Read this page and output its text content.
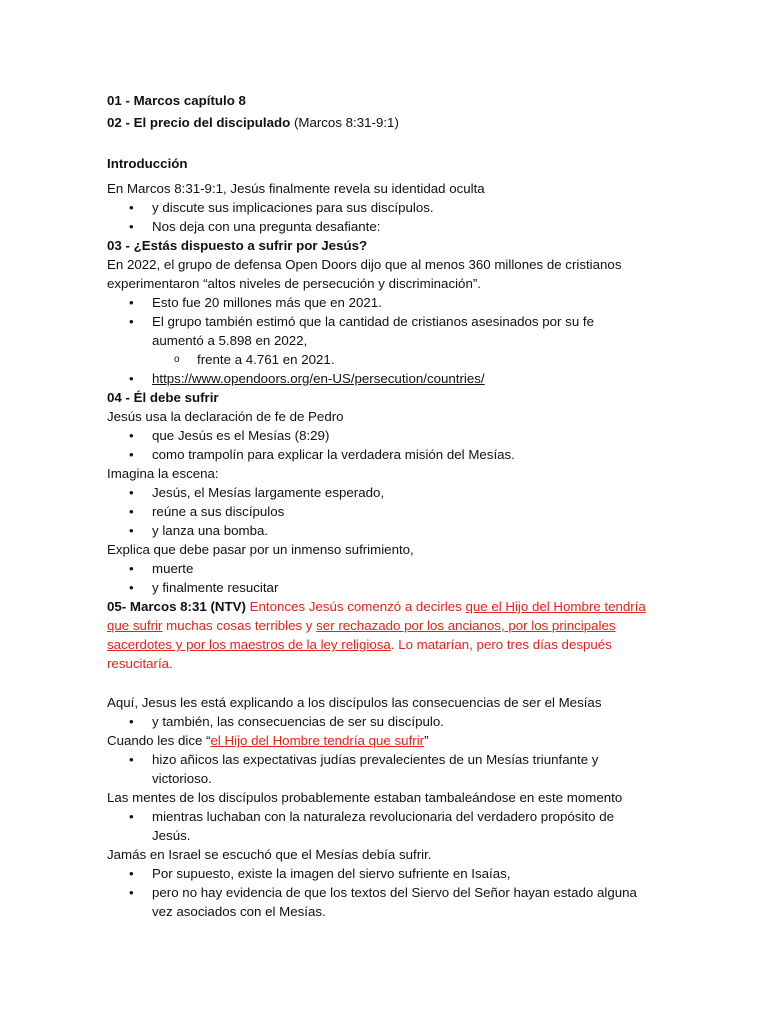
01 - Marcos capítulo 8
02 - El precio del discipulado (Marcos 8:31-9:1)
Introducción
En Marcos 8:31-9:1, Jesús finalmente revela su identidad oculta
• y discute sus implicaciones para sus discípulos.
• Nos deja con una pregunta desafiante:
03 - ¿Estás dispuesto a sufrir por Jesús?
En 2022, el grupo de defensa Open Doors dijo que al menos 360 millones de cristianos experimentaron “altos niveles de persecución y discriminación”.
• Esto fue 20 millones más que en 2021.
• El grupo también estimó que la cantidad de cristianos asesinados por su fe aumentó a 5.898 en 2022,
o frente a 4.761 en 2021.
• https://www.opendoors.org/en-US/persecution/countries/
04 - Él debe sufrir
Jesús usa la declaración de fe de Pedro
• que Jesús es el Mesías (8:29)
• como trampolín para explicar la verdadera misión del Mesías.
Imagina la escena:
• Jesús, el Mesías largamente esperado,
• reúne a sus discípulos
• y lanza una bomba.
Explica que debe pasar por un inmenso sufrimiento,
• muerte
• y finalmente resucitar
05- Marcos 8:31 (NTV) Entonces Jesús comenzó a decirles que el Hijo del Hombre tendría que sufrir muchas cosas terribles y ser rechazado por los ancianos, por los principales sacerdotes y por los maestros de la ley religiosa. Lo matarían, pero tres días después resucitaría.
Aquí, Jesus les está explicando a los discípulos las consecuencias de ser el Mesías
• y también, las consecuencias de ser su discípulo.
Cuando les dice “el Hijo del Hombre tendría que sufrir”
• hizo añicos las expectativas judías prevalecientes de un Mesías triunfante y victorioso.
Las mentes de los discípulos probablemente estaban tambaleándose en este momento
• mientras luchaban con la naturaleza revolucionaria del verdadero propósito de Jesús.
Jamás en Israel se escuchó que el Mesías debía sufrir.
• Por supuesto, existe la imagen del siervo sufriente en Isaías,
• pero no hay evidencia de que los textos del Siervo del Señor hayan estado alguna vez asociados con el Mesías.
